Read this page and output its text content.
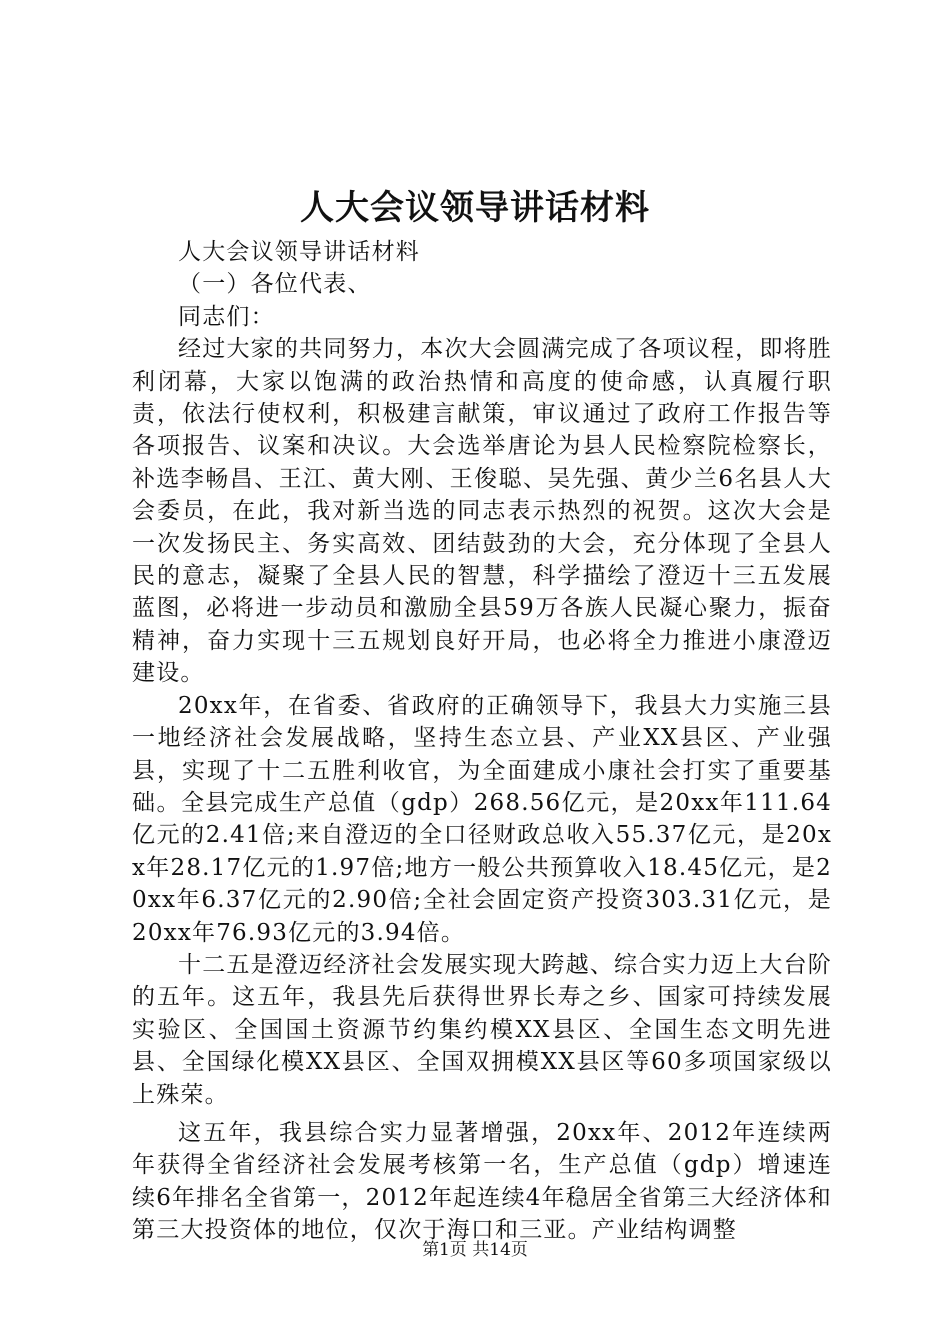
人大会议领导讲话材料

人大会议领导讲话材料

（一）各位代表、

同志们：

经过大家的共同努力，本次大会圆满完成了各项议程，即将胜利闭幕，大家以饱满的政治热情和高度的使命感，认真履行职责，依法行使权利，积极建言献策，审议通过了政府工作报告等各项报告、议案和决议。大会选举唐论为县人民检察院检察长，补选李畅昌、王江、黄大刚、王俊聪、吴先强、黄少兰6名县人大会委员，在此，我对新当选的同志表示热烈的祝贺。这次大会是一次发扬民主、务实高效、团结鼓劲的大会，充分体现了全县人民的意志，凝聚了全县人民的智慧，科学描绘了澄迈十三五发展蓝图，必将进一步动员和激励全县59万各族人民凝心聚力，振奋精神，奋力实现十三五规划良好开局，也必将全力推进小康澄迈建设。

20xx年，在省委、省政府的正确领导下，我县大力实施三县一地经济社会发展战略，坚持生态立县、产业XX县区、产业强县，实现了十二五胜利收官，为全面建成小康社会打实了重要基础。全县完成生产总值（gdp）268.56亿元，是20xx年111.64亿元的2.41倍;来自澄迈的全口径财政总收入55.37亿元，是20xx年28.17亿元的1.97倍;地方一般公共预算收入18.45亿元，是20xx年6.37亿元的2.90倍;全社会固定资产投资303.31亿元，是20xx年76.93亿元的3.94倍。

十二五是澄迈经济社会发展实现大跨越、综合实力迈上大台阶的五年。这五年，我县先后获得世界长寿之乡、国家可持续发展实验区、全国国土资源节约集约模XX县区、全国生态文明先进县、全国绿化模XX县区、全国双拥模XX县区等60多项国家级以上殊荣。

这五年，我县综合实力显著增强，20xx年、2012年连续两年获得全省经济社会发展考核第一名，生产总值（gdp）增速连续6年排名全省第一，2012年起连续4年稳居全省第三大经济体和第三大投资体的地位，仅次于海口和三亚。产业结构调整

第1页 共14页
